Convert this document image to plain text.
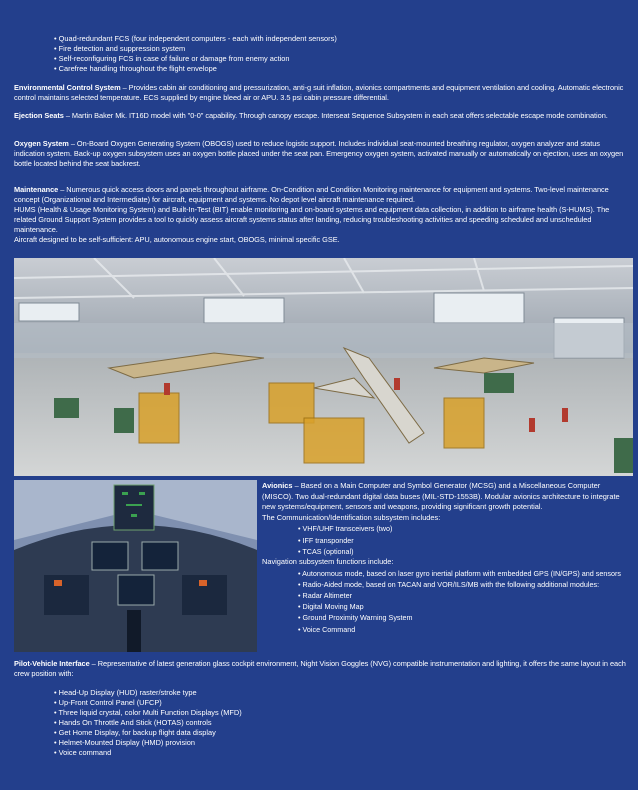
• Quad-redundant FCS (four independent computers - each with independent sensors)
• Fire detection and suppression system
• Self-reconfiguring FCS in case of failure or damage from enemy action
• Carefree handling throughout the flight envelope
Environmental Control System – Provides cabin air conditioning and pressurization, anti-g suit inflation, avionics compartments and equipment ventilation and cooling. Automatic electronic control maintains selected temperature. ECS supplied by engine bleed air or APU. 3.5 psi cabin pressure differential.
Ejection Seats – Martin Baker Mk. IT16D model with "0-0" capability. Through canopy escape. Interseat Sequence Subsystem in each seat offers selectable escape mode combination.
Oxygen System – On-Board Oxygen Generating System (OBOGS) used to reduce logistic support. Includes individual seat-mounted breathing regulator, oxygen analyzer and status indication system. Back-up oxygen subsystem uses an oxygen bottle placed under the seat pan. Emergency oxygen system, activated manually or automatically on ejection, uses an oxygen bottle located behind the seat backrest.
Maintenance – Numerous quick access doors and panels throughout airframe. On-Condition and Condition Monitoring maintenance for equipment and systems. Two-level maintenance concept (Organizational and Intermediate) for aircraft, equipment and systems. No depot level aircraft maintenance required.
HUMS (Health & Usage Monitoring System) and Built-In-Test (BIT) enable monitoring and on-board systems and equipment data collection, in addition to airframe health (S-HUMS). The related Ground Support System provides a tool to quickly assess aircraft systems status after landing, reducing troubleshooting activities and speeding scheduled and unscheduled maintenance.
Aircraft designed to be self-sufficient: APU, autonomous engine start, OBOGS, minimal specific GSE.

Avionics – Based on a Main Computer and Symbol Generator (MCSG) and a Miscellaneous Computer (MISCO). Two dual-redundant digital data buses (MIL-STD-1553B). Modular avionics architecture to integrate new systems/equipment, sensors and weapons, providing significant growth potential.

The Communication/Identification subsystem includes:

• VHF/UHF transceivers (two)
• IFF transponder
• TCAS (optional)

Navigation subsystem functions include:

• Autonomous mode, based on laser gyro inertial platform with embedded GPS (IN/GPS) and sensors
• Radio-Aided mode, based on TACAN and VOR/ILS/MB with the following additional modules:
• Radar Altimeter
• Digital Moving Map
• Ground Proximity Warning System
• Voice Command
Pilot-Vehicle Interface – Representative of latest generation glass cockpit environment, Night Vision Goggles (NVG) compatible instrumentation and lighting, it offers the same layout in each crew position with:
• Head-Up Display (HUD) raster/stroke type
• Up-Front Control Panel (UFCP)
• Three liquid crystal, color Multi Function Displays (MFD)
• Hands On Throttle And Stick (HOTAS) controls
• Get Home Display, for backup flight data display
• Helmet-Mounted Display (HMD) provision
• Voice command
